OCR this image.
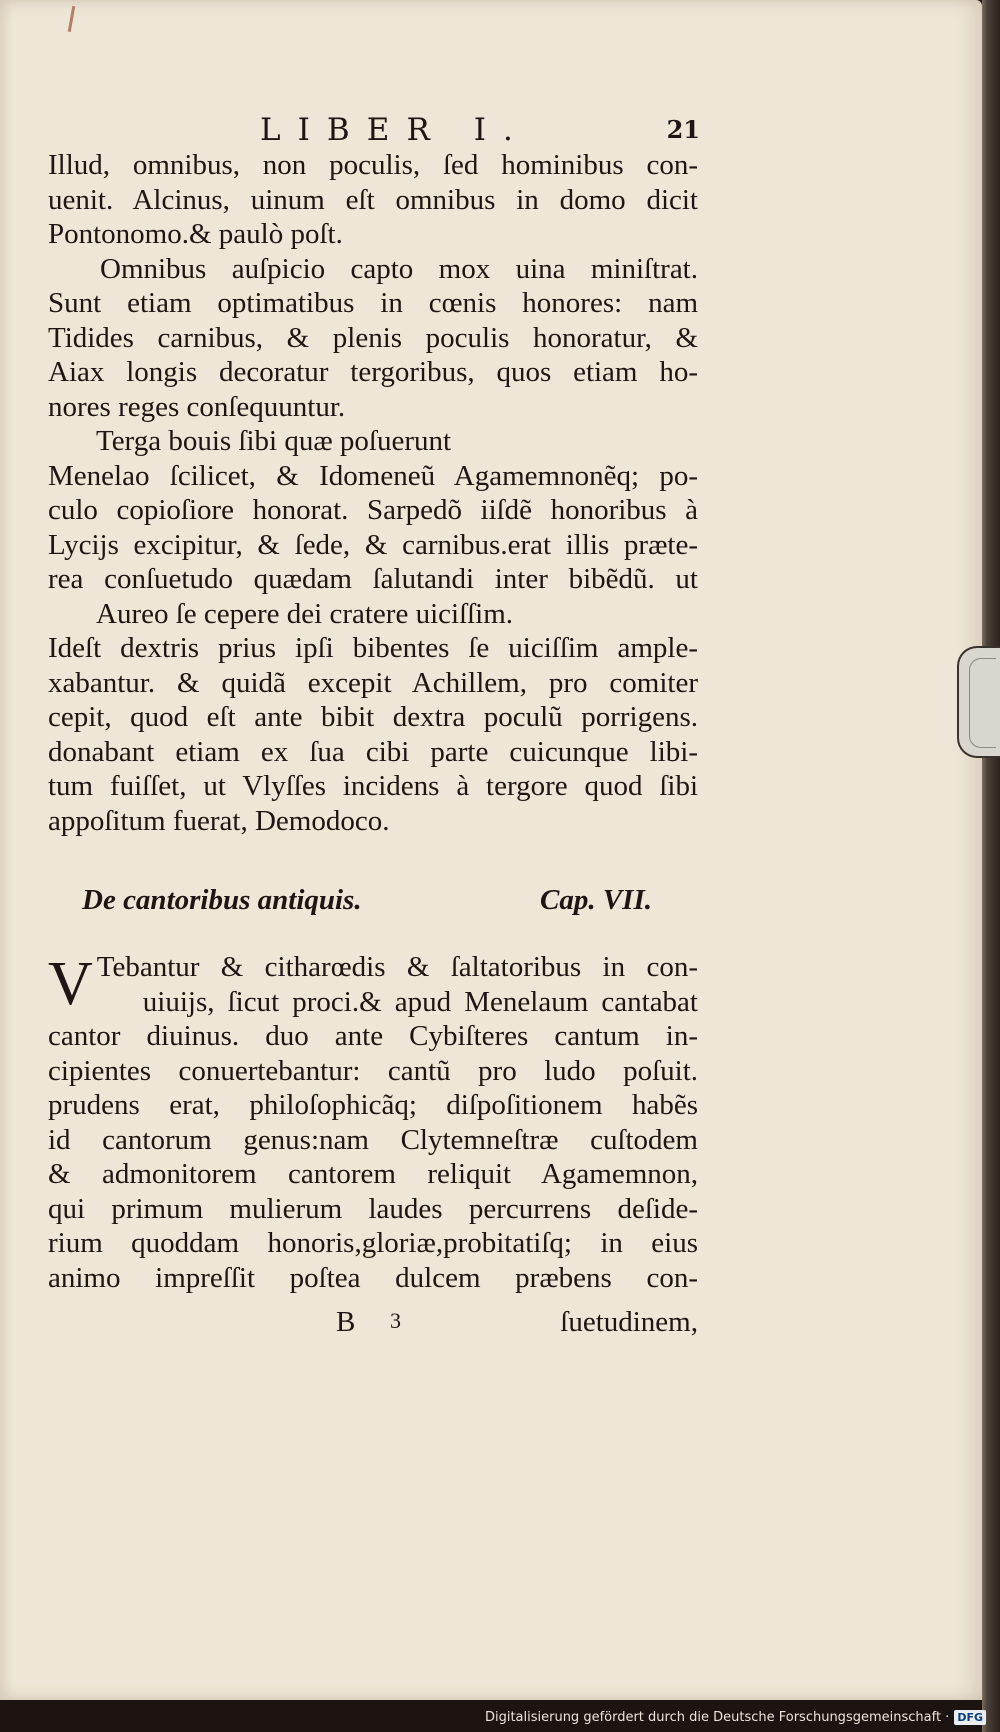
LIBER I.	21
Illud, omnibus, non poculis, ſed hominibus con-
uenit. Alcinus, uinum eſt omnibus in domo dicit
Pontonomo.& paulò poſt.
Omnibus auſpicio capto mox uina miniſtrat.
Sunt etiam optimatibus in cœnis honores: nam
Tidides carnibus, & plenis poculis honoratur, &
Aiax longis decoratur tergoribus, quos etiam ho-
nores reges conſequuntur.
Terga bouis ſibi quæ poſuerunt
Menelao ſcilicet, & Idomeneũ Agamemnonẽq; po-
culo copioſiore honorat. Sarpedõ iiſdẽ honoribus à
Lycijs excipitur, & ſede, & carnibus.erat illis præte-
rea conſuetudo quædam ſalutandi inter bibẽdũ. ut
Aureo ſe cepere dei cratere uiciſſim.
Ideſt dextris prius ipſi bibentes ſe uiciſſim ample-
xabantur. & quidã excepit Achillem, pro comiter
cepit, quod eſt ante bibit dextra poculũ porrigens.
donabant etiam ex ſua cibi parte cuicunque libi-
tum fuiſſet, ut Vlyſſes incidens à tergore quod ſibi
appoſitum fuerat, Demodoco.
De cantoribus antiquis.	Cap. VII.
V Tebantur & citharœdis & ſaltatoribus in con-
uiuijs, ſicut proci.& apud Menelaum cantabat
cantor diuinus. duo ante Cybiſteres cantum in-
cipientes conuertebantur: cantũ pro ludo poſuit.
prudens erat, philoſophicãq; diſpoſitionem habẽs
id cantorum genus:nam Clytemneſtræ cuſtodem
& admonitorem cantorem reliquit Agamemnon,
qui primum mulierum laudes percurrens deſide-
rium quoddam honoris,gloriæ,probitatiſq; in eius
animo impreſſit poſtea dulcem præbens con-
B 3	ſuetudinem,
Digitalisierung gefördert durch die Deutsche Forschungsgemeinschaft · DFG
